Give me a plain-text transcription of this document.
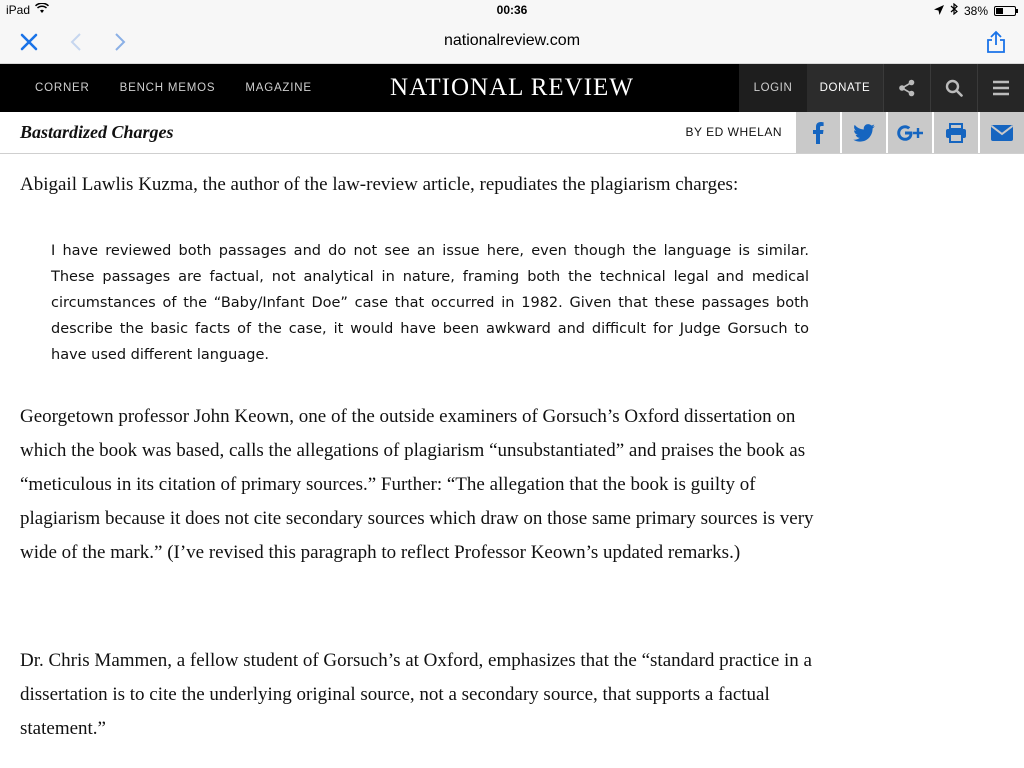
iPad	00:36	38%
nationalreview.com
CORNER	BENCH MEMOS	MAGAZINE	NATIONAL REVIEW	LOGIN	DONATE
Bastardized Charges	BY ED WHELAN

Abigail Lawlis Kuzma, the author of the law-review article, repudiates the plagiarism charges:

I have reviewed both passages and do not see an issue here, even though the language is similar. These passages are factual, not analytical in nature, framing both the technical legal and medical circumstances of the “Baby/Infant Doe” case that occurred in 1982. Given that these passages both describe the basic facts of the case, it would have been awkward and difficult for Judge Gorsuch to have used different language.

Georgetown professor John Keown, one of the outside examiners of Gorsuch’s Oxford dissertation on which the book was based, calls the allegations of plagiarism “unsubstantiated” and praises the book as “meticulous in its citation of primary sources.” Further: “The allegation that the book is guilty of plagiarism because it does not cite secondary sources which draw on those same primary sources is very wide of the mark.” (I’ve revised this paragraph to reflect Professor Keown’s updated remarks.)

Dr. Chris Mammen, a fellow student of Gorsuch’s at Oxford, emphasizes that the “standard practice in a dissertation is to cite the underlying original source, not a secondary source, that supports a factual statement.”
